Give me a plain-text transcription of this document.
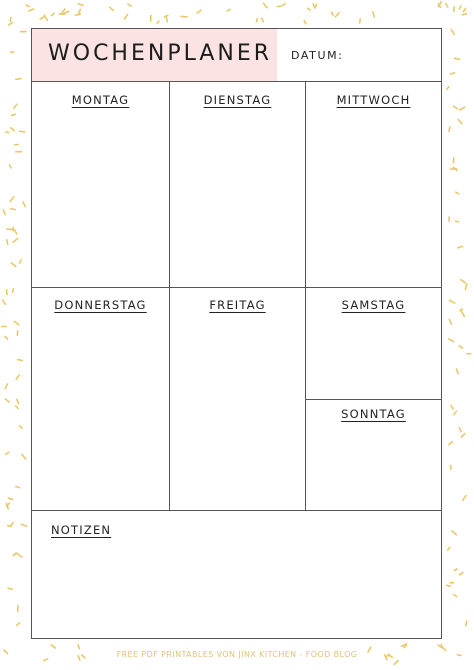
WOCHENPLANER DATUM:
MONTAG	DIENSTAG	MITTWOCH
DONNERSTAG	FREITAG	SAMSTAG
SONNTAG
NOTIZEN
FREE PDF PRINTABLES VON JINX KITCHEN - FOOD BLOG
